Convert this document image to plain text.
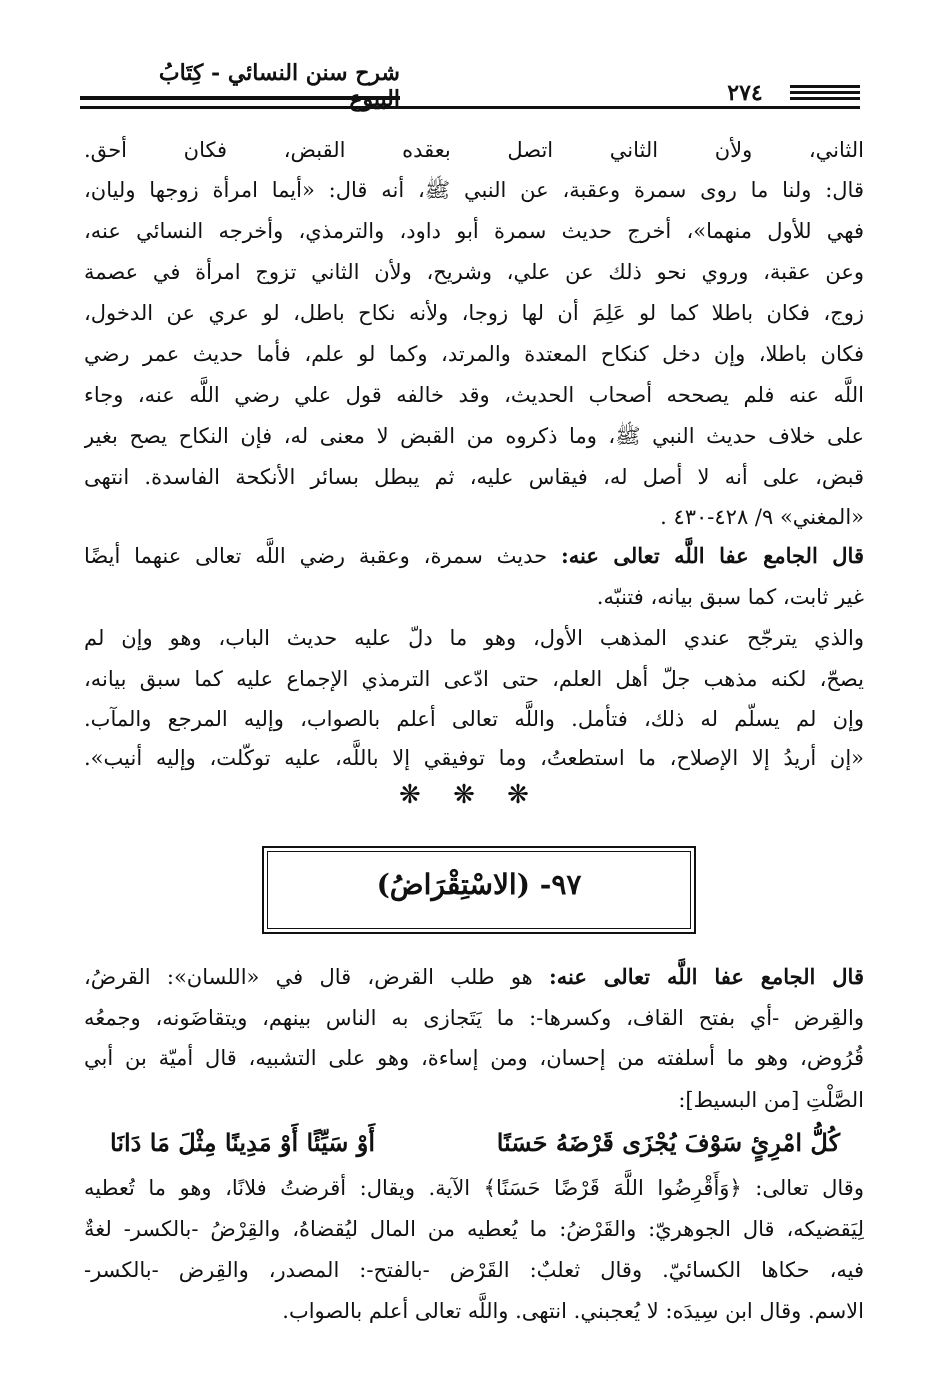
شرح سنن النسائي - كِتَابُ
٢٧٤
الثاني، ولأن الثاني اتصل بعقده القبض، فكان أحق.
قال: ولنا ما روى سمرة وعقبة، عن النبي ﷺ، أنه قال: «أيما امرأة زوجها وليان،
فهي للأول منهما»، أخرج حديث سمرة أبو داود، والترمذي، وأخرجه النسائي عنه،
وعن عقبة، وروي نحو ذلك عن علي، وشريح، ولأن الثاني تزوج امرأة في عصمة
زوج، فكان باطلا كما لو عَلِمَ أن لها زوجا، ولأنه نكاح باطل، لو عري عن الدخول،
فكان باطلا، وإن دخل كنكاح المعتدة والمرتد، وكما لو علم، فأما حديث عمر رضي
اللَّه عنه فلم يصححه أصحاب الحديث، وقد خالفه قول علي رضي اللَّه عنه، وجاء
على خلاف حديث النبي ﷺ، وما ذكروه من القبض لا معنى له، فإن النكاح يصح بغير
قبض، على أنه لا أصل له، فيقاس عليه، ثم يبطل بسائر الأنكحة الفاسدة. انتهى
«المغني» ٩/ ٤٢٨-٤٣٠ .
قال الجامع عفا اللَّه تعالى عنه: حديث سمرة، وعقبة رضي اللَّه تعالى عنهما أيضًا
غير ثابت، كما سبق بيانه، فتنبّه.
والذي يترجّح عندي المذهب الأول، وهو ما دلّ عليه حديث الباب، وهو وإن لم
يصحّ، لكنه مذهب جلّ أهل العلم، حتى ادّعى الترمذي الإجماع عليه كما سبق بيانه،
وإن لم يسلّم له ذلك، فتأمل. واللَّه تعالى أعلم بالصواب، وإليه المرجع والمآب.
«إن أريدُ إلا الإصلاح، ما استطعتُ، وما توفيقي إلا باللَّه، عليه توكّلت، وإليه أنيب».
❋ ❋ ❋
٩٧- (الاسْتِقْرَاضُ)
قال الجامع عفا اللَّه تعالى عنه: هو طلب القرض، قال في «اللسان»: القرضُ،
والقِرض -أي بفتح القاف، وكسرها-: ما يَتَجازى به الناس بينهم، ويتقاضَونه، وجمعُه
قُرُوض، وهو ما أسلفته من إحسان، ومن إساءة، وهو على التشبيه، قال أميّة بن أبي
الصَّلْتِ [من البسيط]:
كُلُّ امْرِئٍ سَوْفَ يُجْزَى قَرْضَهُ حَسَنًا
أَوْ سَيِّئًا أَوْ مَدِينًا مِثْلَ مَا دَانَا
وقال تعالى: ﴿وَأَقْرِضُوا اللَّهَ قَرْضًا حَسَنًا﴾ الآية. ويقال: أقرضتُ فلانًا، وهو ما تُعطيه
لِيَقضيكه، قال الجوهريّ: والقَرْضُ: ما يُعطيه من المال ليُقضاهُ، والقِرْضُ -بالكسر- لغةٌ
فيه، حكاها الكسائيّ. وقال ثعلبٌ: القَرْض -بالفتح-: المصدر، والقِرض -بالكسر-
الاسم. وقال ابن سِيدَه: لا يُعجبني. انتهى. واللَّه تعالى أعلم بالصواب.
